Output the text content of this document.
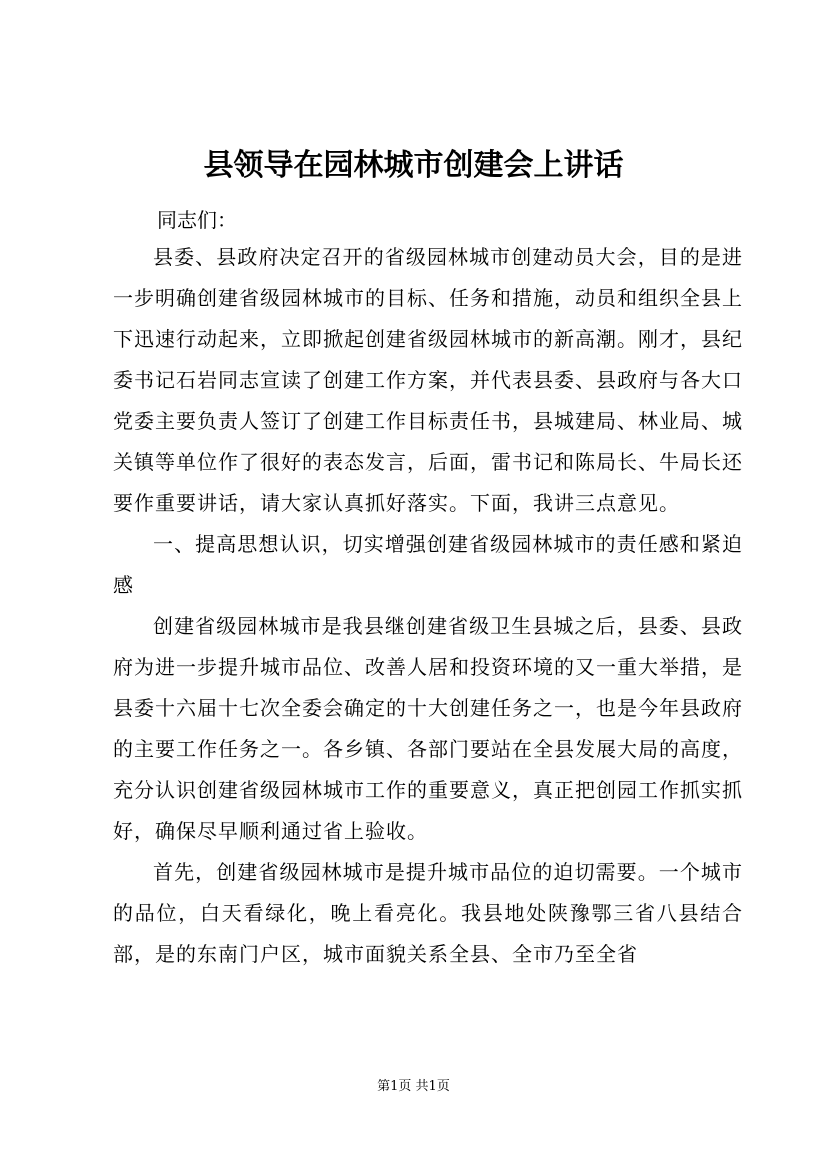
县领导在园林城市创建会上讲话

同志们：

县委、县政府决定召开的省级园林城市创建动员大会，目的是进一步明确创建省级园林城市的目标、任务和措施，动员和组织全县上下迅速行动起来，立即掀起创建省级园林城市的新高潮。刚才，县纪委书记石岩同志宣读了创建工作方案，并代表县委、县政府与各大口党委主要负责人签订了创建工作目标责任书，县城建局、林业局、城关镇等单位作了很好的表态发言，后面，雷书记和陈局长、牛局长还要作重要讲话，请大家认真抓好落实。下面，我讲三点意见。

一、提高思想认识，切实增强创建省级园林城市的责任感和紧迫感

创建省级园林城市是我县继创建省级卫生县城之后，县委、县政府为进一步提升城市品位、改善人居和投资环境的又一重大举措，是县委十六届十七次全委会确定的十大创建任务之一，也是今年县政府的主要工作任务之一。各乡镇、各部门要站在全县发展大局的高度，充分认识创建省级园林城市工作的重要意义，真正把创园工作抓实抓好，确保尽早顺利通过省上验收。

首先，创建省级园林城市是提升城市品位的迫切需要。一个城市的品位，白天看绿化，晚上看亮化。我县地处陕豫鄂三省八县结合部，是的东南门户区，城市面貌关系全县、全市乃至全省

第1页 共1页
